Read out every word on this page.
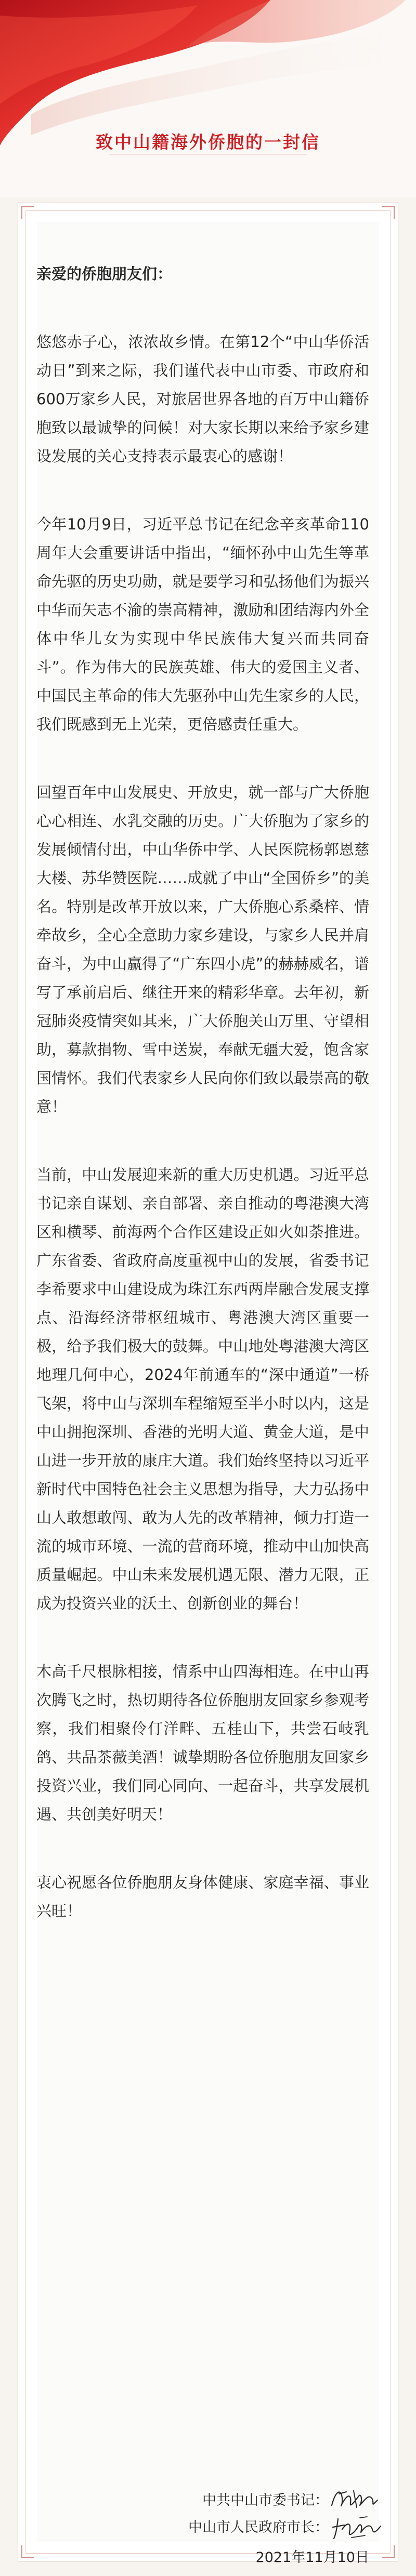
致中山籍海外侨胞的一封信

亲爱的侨胞朋友们：

悠悠赤子心，浓浓故乡情。在第12个“中山华侨活动日”到来之际，我们谨代表中山市委、市政府和600万家乡人民，对旅居世界各地的百万中山籍侨胞致以最诚挚的问候！对大家长期以来给予家乡建设发展的关心支持表示最衷心的感谢！

今年10月9日，习近平总书记在纪念辛亥革命110周年大会重要讲话中指出，“缅怀孙中山先生等革命先驱的历史功勋，就是要学习和弘扬他们为振兴中华而矢志不渝的崇高精神，激励和团结海内外全体中华儿女为实现中华民族伟大复兴而共同奋斗”。作为伟大的民族英雄、伟大的爱国主义者、中国民主革命的伟大先驱孙中山先生家乡的人民，我们既感到无上光荣，更倍感责任重大。

回望百年中山发展史、开放史，就一部与广大侨胞心心相连、水乳交融的历史。广大侨胞为了家乡的发展倾情付出，中山华侨中学、人民医院杨郭恩慈大楼、苏华赞医院……成就了中山“全国侨乡”的美名。特别是改革开放以来，广大侨胞心系桑梓、情牵故乡，全心全意助力家乡建设，与家乡人民并肩奋斗，为中山赢得了“广东四小虎”的赫赫威名，谱写了承前启后、继往开来的精彩华章。去年初，新冠肺炎疫情突如其来，广大侨胞关山万里、守望相助，募款捐物、雪中送炭，奉献无疆大爱，饱含家国情怀。我们代表家乡人民向你们致以最崇高的敬意！

当前，中山发展迎来新的重大历史机遇。习近平总书记亲自谋划、亲自部署、亲自推动的粤港澳大湾区和横琴、前海两个合作区建设正如火如荼推进。广东省委、省政府高度重视中山的发展，省委书记李希要求中山建设成为珠江东西两岸融合发展支撑点、沿海经济带枢纽城市、粤港澳大湾区重要一极，给予我们极大的鼓舞。中山地处粤港澳大湾区地理几何中心，2024年前通车的“深中通道”一桥飞架，将中山与深圳车程缩短至半小时以内，这是中山拥抱深圳、香港的光明大道、黄金大道，是中山进一步开放的康庄大道。我们始终坚持以习近平新时代中国特色社会主义思想为指导，大力弘扬中山人敢想敢闯、敢为人先的改革精神，倾力打造一流的城市环境、一流的营商环境，推动中山加快高质量崛起。中山未来发展机遇无限、潜力无限，正成为投资兴业的沃土、创新创业的舞台！

木高千尺根脉相接，情系中山四海相连。在中山再次腾飞之时，热切期待各位侨胞朋友回家乡参观考察，我们相聚伶仃洋畔、五桂山下，共尝石岐乳鸽、共品茶薇美酒！诚挚期盼各位侨胞朋友回家乡投资兴业，我们同心同向、一起奋斗，共享发展机遇、共创美好明天！

衷心祝愿各位侨胞朋友身体健康、家庭幸福、事业兴旺！

中共中山市委书记：
中山市人民政府市长：
2021年11月10日
